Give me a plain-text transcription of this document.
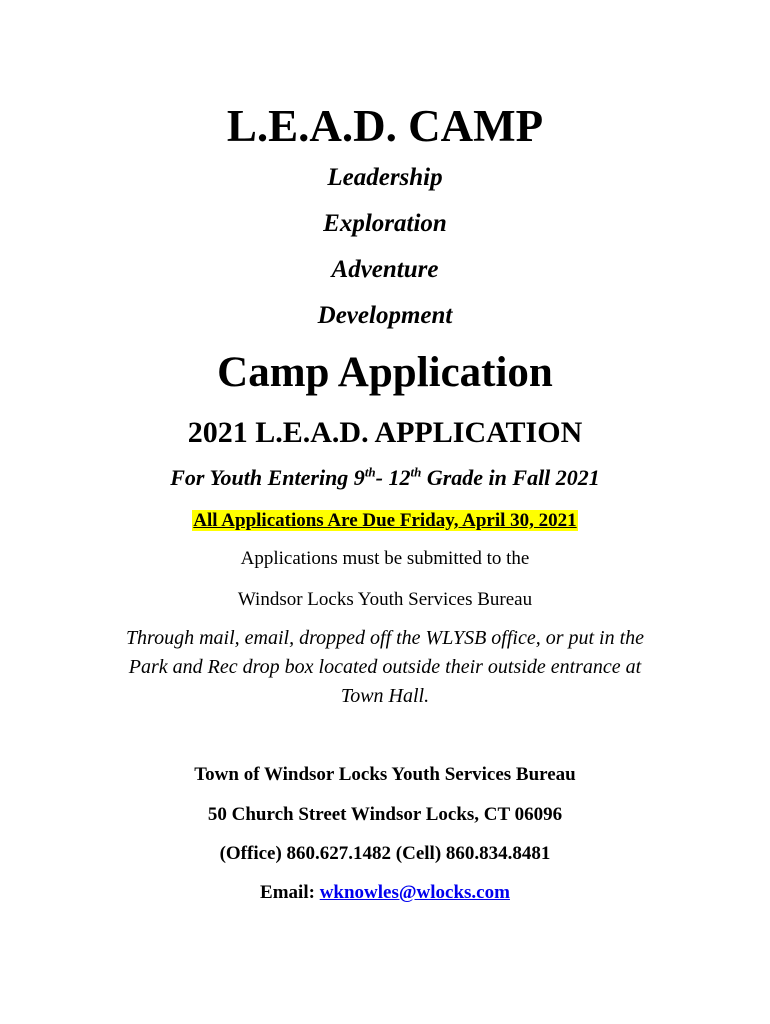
L.E.A.D. CAMP
Leadership
Exploration
Adventure
Development
Camp Application
2021 L.E.A.D. APPLICATION
For Youth Entering 9th- 12th Grade in Fall 2021
All Applications Are Due Friday, April 30, 2021
Applications must be submitted to the
Windsor Locks Youth Services Bureau
Through mail, email, dropped off the WLYSB office, or put in the
Park and Rec drop box located outside their outside entrance at
Town Hall.
Town of Windsor Locks Youth Services Bureau
50 Church Street Windsor Locks, CT 06096
(Office) 860.627.1482 (Cell) 860.834.8481
Email: wknowles@wlocks.com
